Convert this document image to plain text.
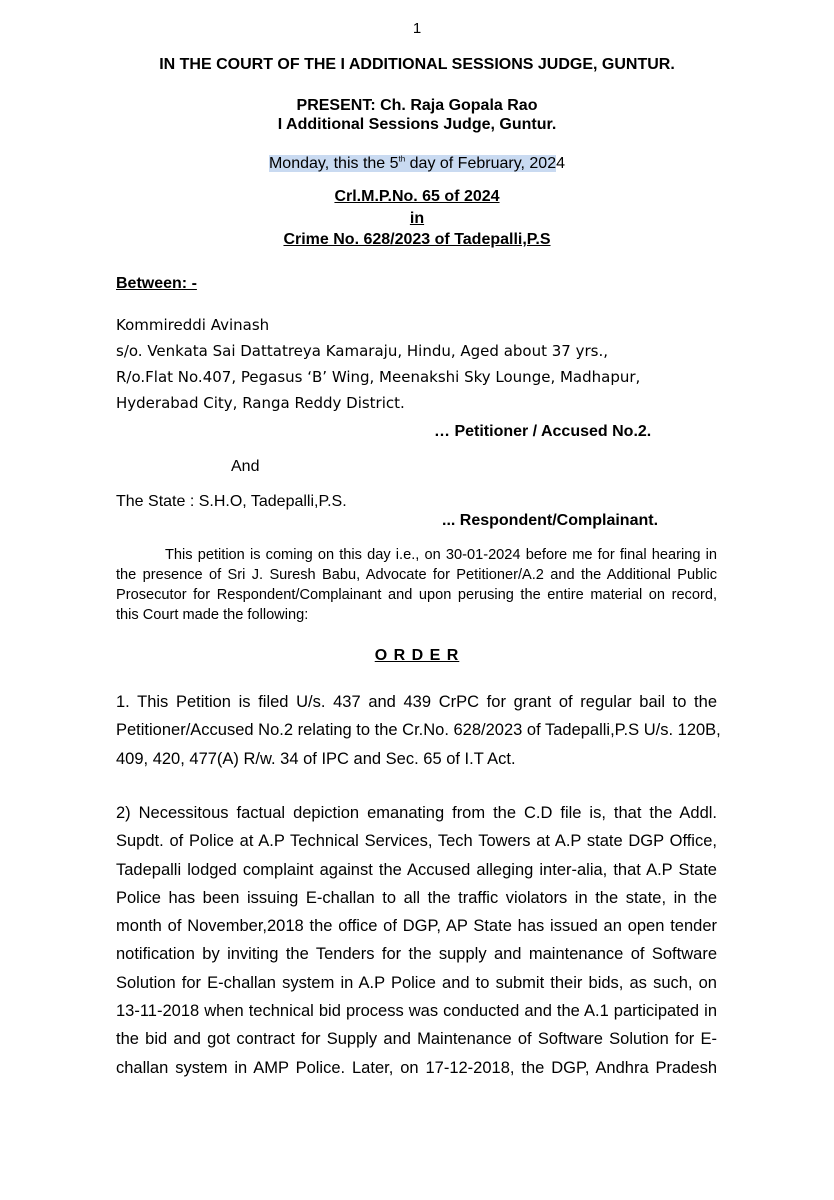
1
IN THE COURT OF THE I ADDITIONAL SESSIONS JUDGE, GUNTUR.
PRESENT: Ch. Raja Gopala Rao
I Additional Sessions Judge, Guntur.
Monday, this the 5th day of February, 2024
Crl.M.P.No. 65 of 2024
in
Crime No. 628/2023 of Tadepalli,P.S
Between: -
Kommireddi Avinash
s/o. Venkata Sai Dattatreya Kamaraju, Hindu, Aged about 37 yrs.,
R/o.Flat No.407, Pegasus ‘B’ Wing, Meenakshi Sky Lounge, Madhapur,
Hyderabad City, Ranga Reddy District.
… Petitioner / Accused No.2.
And
The State : S.H.O, Tadepalli,P.S.
... Respondent/Complainant.
This petition is coming on this day i.e., on 30-01-2024 before me for final hearing in
the presence of Sri J. Suresh Babu, Advocate for Petitioner/A.2 and the Additional Public
Prosecutor for Respondent/Complainant and upon perusing the entire material on record,
this Court made the following:
O R D E R
1. This Petition is filed U/s. 437 and 439 CrPC for grant of regular bail to the
Petitioner/Accused No.2 relating to the Cr.No. 628/2023 of Tadepalli,P.S U/s. 120B,
409, 420, 477(A) R/w. 34 of IPC and Sec. 65 of I.T Act.
2) Necessitous factual depiction emanating from the C.D file is, that the Addl.
Supdt. of Police at A.P Technical Services, Tech Towers at A.P state DGP Office,
Tadepalli lodged complaint against the Accused alleging inter-alia, that A.P State
Police has been issuing E-challan to all the traffic violators in the state, in the
month of November,2018 the office of DGP, AP State has issued an open tender
notification by inviting the Tenders for the supply and maintenance of Software
Solution for E-challan system in A.P Police and to submit their bids, as such, on
13-11-2018 when technical bid process was conducted and the A.1 participated in
the bid and got contract for Supply and Maintenance of Software Solution for E-
challan system in AMP Police. Later, on 17-12-2018, the DGP, Andhra Pradesh
